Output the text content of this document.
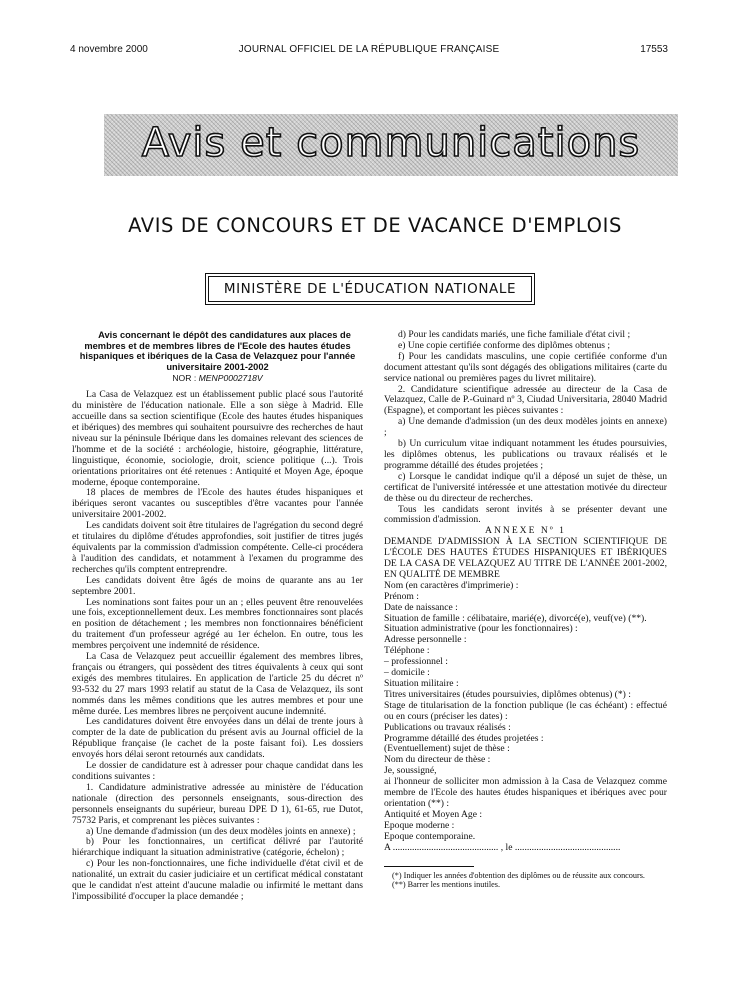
4 novembre 2000	JOURNAL OFFICIEL DE LA RÉPUBLIQUE FRANÇAISE	17553
Avis et communications
AVIS DE CONCOURS ET DE VACANCE D'EMPLOIS
MINISTÈRE DE L'ÉDUCATION NATIONALE

Avis concernant le dépôt des candidatures aux places de membres et de membres libres de l'Ecole des hautes études hispaniques et ibériques de la Casa de Velazquez pour l'année universitaire 2001-2002

NOR : MENP0002718V

La Casa de Velazquez est un établissement public placé sous l'autorité du ministère de l'éducation nationale. Elle a son siège à Madrid. Elle accueille dans sa section scientifique (Ecole des hautes études hispaniques et ibériques) des membres qui souhaitent poursuivre des recherches de haut niveau sur la péninsule Ibérique dans les domaines relevant des sciences de l'homme et de la société : archéologie, histoire, géographie, littérature, linguistique, économie, sociologie, droit, science politique (...). Trois orientations prioritaires ont été retenues : Antiquité et Moyen Age, époque moderne, époque contemporaine.

18 places de membres de l'Ecole des hautes études hispaniques et ibériques seront vacantes ou susceptibles d'être vacantes pour l'année universitaire 2001-2002.

Les candidats doivent soit être titulaires de l'agrégation du second degré et titulaires du diplôme d'études approfondies, soit justifier de titres jugés équivalents par la commission d'admission compétente. Celle-ci procédera à l'audition des candidats, et notamment à l'examen du programme des recherches qu'ils comptent entreprendre.

Les candidats doivent être âgés de moins de quarante ans au 1er septembre 2001.

Les nominations sont faites pour un an ; elles peuvent être renouvelées une fois, exceptionnellement deux. Les membres fonctionnaires sont placés en position de détachement ; les membres non fonctionnaires bénéficient du traitement d'un professeur agrégé au 1er échelon. En outre, tous les membres perçoivent une indemnité de résidence.

La Casa de Velazquez peut accueillir également des membres libres, français ou étrangers, qui possèdent des titres équivalents à ceux qui sont exigés des membres titulaires. En application de l'article 25 du décret nº 93-532 du 27 mars 1993 relatif au statut de la Casa de Velazquez, ils sont nommés dans les mêmes conditions que les autres membres et pour une même durée. Les membres libres ne perçoivent aucune indemnité.

Les candidatures doivent être envoyées dans un délai de trente jours à compter de la date de publication du présent avis au Journal officiel de la République française (le cachet de la poste faisant foi). Les dossiers envoyés hors délai seront retournés aux candidats.

Le dossier de candidature est à adresser pour chaque candidat dans les conditions suivantes :

1. Candidature administrative adressée au ministère de l'éducation nationale (direction des personnels enseignants, sous-direction des personnels enseignants du supérieur, bureau DPE D 1), 61-65, rue Dutot, 75732 Paris, et comprenant les pièces suivantes :

a) Une demande d'admission (un des deux modèles joints en annexe) ;

b) Pour les fonctionnaires, un certificat délivré par l'autorité hiérarchique indiquant la situation administrative (catégorie, échelon) ;

c) Pour les non-fonctionnaires, une fiche individuelle d'état civil et de nationalité, un extrait du casier judiciaire et un certificat médical constatant que le candidat n'est atteint d'aucune maladie ou infirmité le mettant dans l'impossibilité d'occuper la place demandée ;

d) Pour les candidats mariés, une fiche familiale d'état civil ;

e) Une copie certifiée conforme des diplômes obtenus ;

f) Pour les candidats masculins, une copie certifiée conforme d'un document attestant qu'ils sont dégagés des obligations militaires (carte du service national ou premières pages du livret militaire).

2. Candidature scientifique adressée au directeur de la Casa de Velazquez, Calle de P.-Guinard nº 3, Ciudad Universitaria, 28040 Madrid (Espagne), et comportant les pièces suivantes :

a) Une demande d'admission (un des deux modèles joints en annexe) ;

b) Un curriculum vitae indiquant notamment les études poursuivies, les diplômes obtenus, les publications ou travaux réalisés et le programme détaillé des études projetées ;

c) Lorsque le candidat indique qu'il a déposé un sujet de thèse, un certificat de l'université intéressée et une attestation motivée du directeur de thèse ou du directeur de recherches.

Tous les candidats seront invités à se présenter devant une commission d'admission.

ANNEXE Nº 1

DEMANDE D'ADMISSION À LA SECTION SCIENTIFIQUE DE L'ÉCOLE DES HAUTES ÉTUDES HISPANIQUES ET IBÉRIQUES DE LA CASA DE VELAZQUEZ AU TITRE DE L'ANNÉE 2001-2002, EN QUALITÉ DE MEMBRE

Nom (en caractères d'imprimerie) :

Prénom :

Date de naissance :

Situation de famille : célibataire, marié(e), divorcé(e), veuf(ve) (**).

Situation administrative (pour les fonctionnaires) :

Adresse personnelle :

Téléphone :

– professionnel :

– domicile :

Situation militaire :

Titres universitaires (études poursuivies, diplômes obtenus) (*) :

Stage de titularisation de la fonction publique (le cas échéant) : effectué ou en cours (préciser les dates) :

Publications ou travaux réalisés :

Programme détaillé des études projetées :

(Eventuellement) sujet de thèse :

Nom du directeur de thèse :

Je, soussigné,

ai l'honneur de solliciter mon admission à la Casa de Velazquez comme membre de l'Ecole des hautes études hispaniques et ibériques avec pour orientation (**) :

Antiquité et Moyen Age :

Epoque moderne :

Epoque contemporaine.

A ............................................ , le ............................................

(*) Indiquer les années d'obtention des diplômes ou de réussite aux concours.

(**) Barrer les mentions inutiles.
